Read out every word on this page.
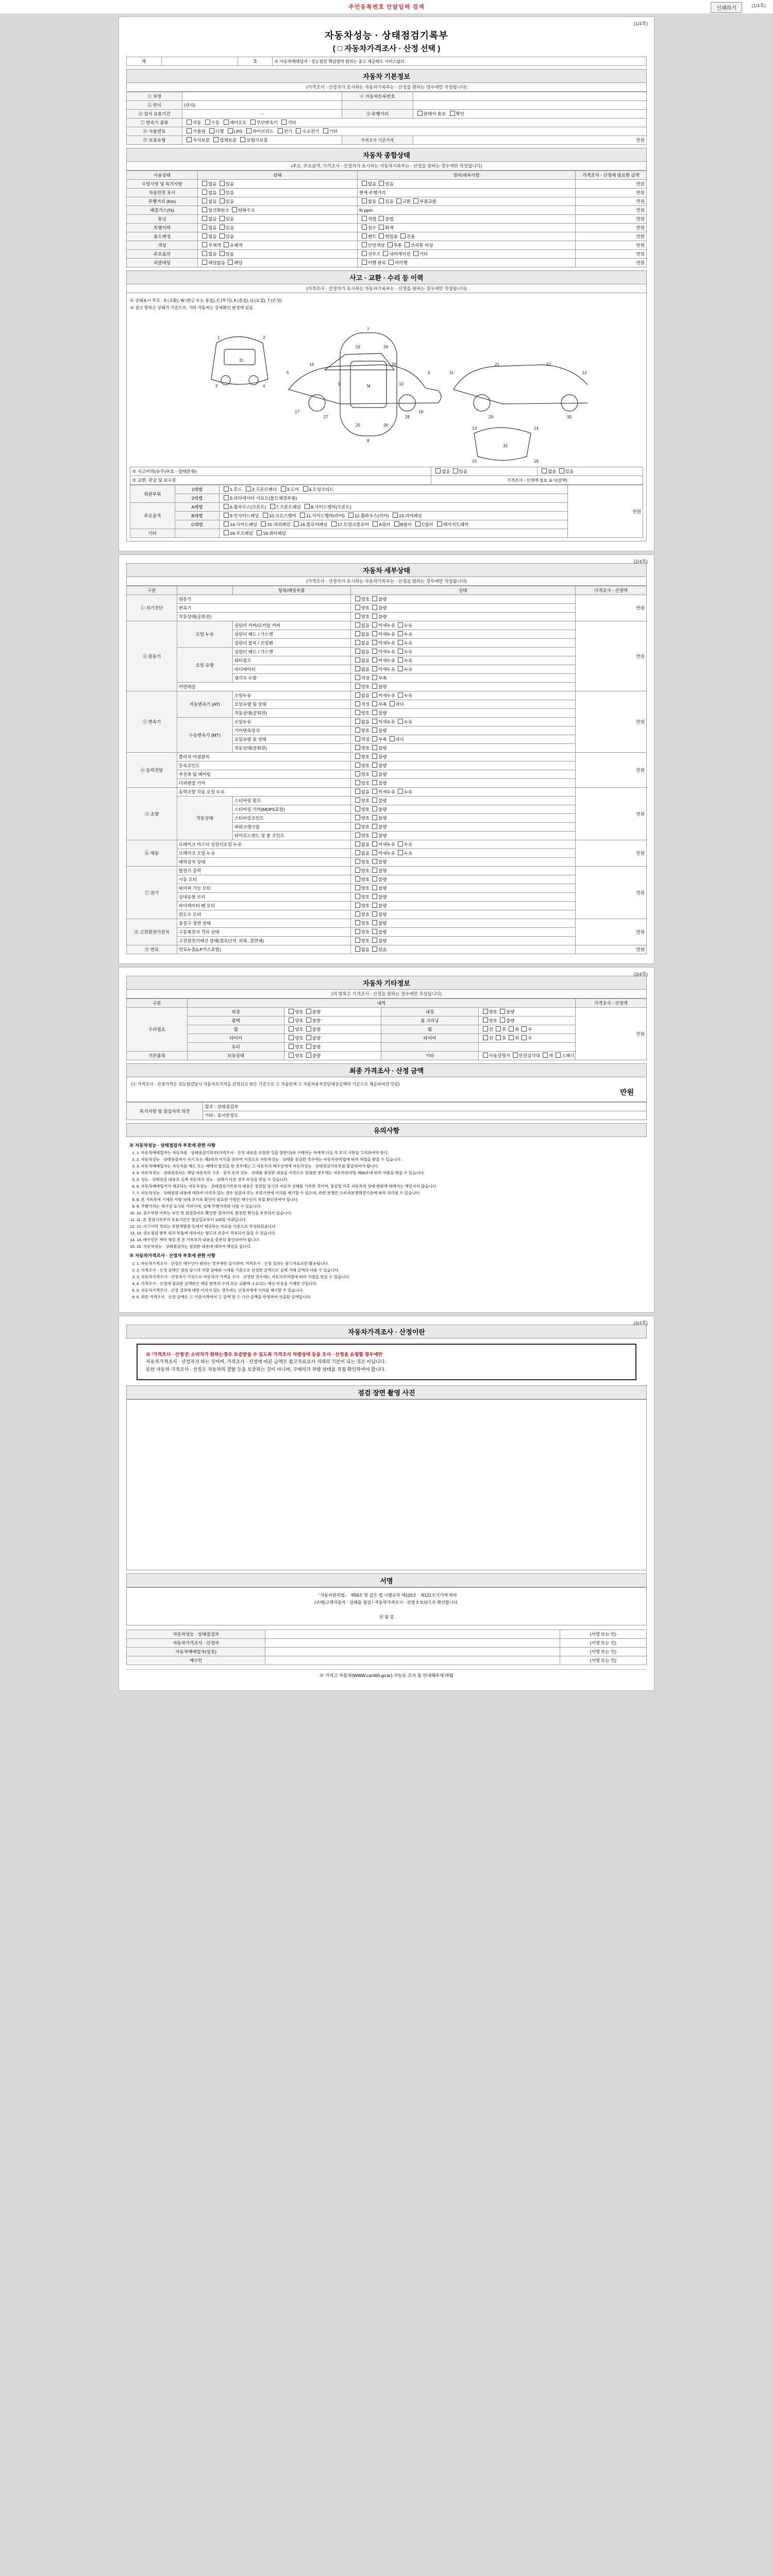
주민등록번호 안앞입력 검색	인쇄하기	(1/4쪽)
(1/4쪽)
자동차성능 · 상태점검기록부
( □ 자동차가격조사 · 산정 선택 )
제		호	※ 자동차매매업자 · 성능점검 책임영역 범위는 중고 제공해도 서비스없다.
자동차 기본정보
(가격조사 · 산정자가 표시하는 자동차기록부는 · 산정을 원하는 경우에만 작성됩니다)
① 차명		④ 자동차등록번호	
② 연식	(년식)		
③ 검사 유효기간	~	⑤ 주행거리	판매자 통보 확인
⑦ 변속기 종류	자동 수동 세미오토 무단변속기 기타		
⑧ 사용연료	가솔린 디젤 LPG 하이브리드 전기 수소전기 기타		
⑨ 보증유형	자차보증 업체보증 보험사보증	가격조사 기준가격	만원
자동차 종합상태
(주요, 주요골격, 가격조사 · 산정자가 표시하는 자동차기록부는 · 산정을 원하는 경우에만 작성됩니다)
사용상태	상태	정비/세부사항	가격조사 · 산정에 필요한 금액
수밀사항 및 특기사항	없음 있음	없음 있음	만원
자동안전 표시	없음 있음	현재 주행거리	만원
주행거리 (Km)	없음 있음	없음 있음 교환 부품교환	만원
배출가스(%)	일산화탄소 탄화수소	% ppm	만원
튜닝	없음 있음	적법 불법	만원
특별이력	없음 있음	침수 화재	만원
용도변경	없음 있음	렌트 영업용 관용	만원
색상	무채색 유채색	단일색상 투톤 쓰리톤 이상	만원
주요옵션	없음 있음	선루프 내비게이션 기타	만원
리콜대상	해당없음 해당	이행 완료 미이행	만원
사고 · 교환 · 수리 등 이력
(가격조사 · 산정자가 표시하는 자동차기록부는 · 산정을 원하는 경우에만 작성됩니다)
※ 상태표시 부호 : X (교환), W (판금 또는 용접), C (부식), A (흠집), U (요철), T (손상)
※ 참고 항목은 상태가 기준으로, 기타 자동차는 상세확인 판정에 있음
1	2
3	4
5	6
7
8
9	10
11	12
13	14
15	16
17	18
19	20	21	22
23	24
25	26
27	28	29	30
31
M
32
※ 사고이력(유무)부호 · 상태분류)	없음 있음	없음 있음
※ 교환, 판금 및 보수분	가격조사 · 산정에 필요 표시(감액)	
외판부위	1레벨	1.후드 2.프론트펜더 3.도어 4.트렁크리드	만원
	2레벨	5.라디에이터 서포트(볼트체결부품)	
주요골격	A레벨	6.휠하우스(프론트) 7.프론트패널 8.사이드멤버(프론트)	
	B레벨	9.인사이드패널 10.크로스멤버 11.사이드멤버(리어) 12.휠하우스(리어) 13.리어패널	
	C레벨	14.사이드패널 15.대쉬패널 16.플로어패널 17.트렁크플로어 A필러 B필러 C필러 패키지트레이	
기타		18.루프패널 19.쿼터패널	
(2/4쪽)
자동차 세부상태
(가격조사 · 산정자가 표시하는 자동차기록부는 · 산정을 원하는 경우에만 작성됩니다)
구분		항목/해당부품	상태	가격조사 · 산정액
① 자기진단	원동기		양호 불량	만원
	변속기		양호 불량	
	작동상태(공회전)		양호 불량	
② 원동기	오일 누유	실린더 커버/로커암 커버	없음 미세누유 누유	만원
		실린더 헤드 / 가스켓	없음 미세누유 누유	
		실린더 블록 / 오일팬	없음 미세누유 누유	
	오일 유량	실린더 헤드 / 가스켓	없음 미세누유 누유	
		워터펌프	없음 미세누유 누유	
		라디에이터	없음 미세누유 누유	
		냉각수 수량	적정 부족	
	커먼레일		양호 불량	
③ 변속기	자동변속기 (AT)	오일누유	없음 미세누유 누유	만원
		오일유량 및 상태	적정 부족 과다	
		작동상태(공회전)	양호 불량	
	수동변속기 (MT)	오일누유	없음 미세누유 누유	
		기어변속장치	양호 불량	
		오일유량 및 상태	적정 부족 과다	
		작동상태(공회전)	양호 불량	
④ 동력전달	클러치 어셈블리		양호 불량	만원
	등속조인트		양호 불량	
	추진축 및 베어링		양호 불량	
	디퍼렌셜 기어		양호 불량	
⑤ 조향	동력조향 작동 오일 누유		없음 미세누유 누유	만원
	작동상태	스티어링 펌프	양호 불량	
		스티어링 기어(MDPS포함)	양호 불량	
		스티어링조인트	양호 불량	
		파워크랭크암	양호 불량	
		타이로드엔드 및 볼 조인트	양호 불량	
⑥ 제동	브레이크 마스터 실린더오일 누유		없음 미세누유 누유	만원
	브레이크 오일 누유		없음 미세누유 누유	
	배력장치 상태		양호 불량	
⑦ 전기	발전기 출력		양호 불량	만원
	시동 모터		양호 불량	
	와이퍼 기능 모터		양호 불량	
	실내송풍 모터		양호 불량	
	라디에이터 팬 모터		양호 불량	
	윈도우 모터		양호 불량	
⑧ 고전원전기장치	충전구 절연 상태		양호 불량	만원
	구동축전지 격리 상태		양호 불량	
	고전원전기배선 상태(접속단자, 피복, 절연체)		양호 불량	
⑨ 연료	연료누출(LP가스포함)		없음 있음	만원
(3/4쪽)
자동차 기타정보
(의 항목은 가격조사 · 산정을 원하는 경우에만 작성됩니다)
구분	내역				가격조사 · 산정액
수리필요	외장	양호 불량	내장	양호 불량	만원
	광택	양호 불량	룸 크리닝	양호 불량	
	휠	양호 불량	휠	전 후 좌 우	
	타이어	양호 불량	타이어	전 후 좌 우	
	유리	양호 불량			
기본품목	보유상태	양호 불량	기타	사용설명서 안전삼각대 잭 스패너	
최종 가격조사 · 산정 금액
(① 가격조사 · 산정가격은 성능점검당시 자동차로가격을 산정신고 받은 기준으로 ② 가솔린에 ③ 자동차용차진단대상금액의 기준으로 제공되어진 것임)
만원
특기사항 및 점검자의 의견	참조 - 상태점검부
기타 - 표시안정도
유의사항
※ 자동차성능 · 상태점검자 부호에 관한 사항
1. 1. 자동차매매업자는 자동차를 · 상태점검기록부(가격조사 · 산정 내용을 포함한 것을 말한다)와 구매하는 자에게 다음 각 호의 사항을 고지하여야 한다.
2. 2. 자동차성능 · 상태점검자가 자기 또는 제3자의 이익을 위하여 거짓으로 자동차성능 · 상태를 점검한 경우에는 자동차관리법에 따라 처벌을 받을 수 있습니다.
3. 3. 자동차매매업자는 자동차를 매도 또는 매매의 알선을 한 경우에는 그 자동차의 매수인에게 자동차성능 · 상태점검기록부를 발급하여야 합니다.
4. 4. 자동차성능 · 상태점검자는 해당 자동차의 구조 · 장치 등의 성능 · 상태를 점검한 내용을 거짓으로 점검한 경우에는 자동차관리법 제80조에 따라 처벌을 받을 수 있습니다.
5. 5. 성능 · 상태점검 내용과 실제 자동차의 성능 · 상태가 다른 경우 보상을 받을 수 있습니다.
6. 6. 자동차매매업자가 제공하는 자동차성능 · 상태점검기록부의 내용은 점검일 당시의 자동차 상태를 기록한 것이며, 점검일 이후 자동차의 상태 변화에 대해서는 책임지지 않습니다.
7. 7. 자동차성능 · 상태점검 내용에 대하여 이의가 있는 경우 점검자 또는 보증기관에 이의를 제기할 수 있으며, 관련 분쟁은 소비자분쟁해결기준에 따라 처리될 수 있습니다.
8. 8. 본 기록부에 기재된 사항 외에 추가로 확인이 필요한 사항은 매수인이 직접 확인하여야 합니다.
9. 9. 주행거리는 계기상 표시된 거리이며, 실제 주행거리와 다를 수 있습니다.
10. 10. 침수차량 여부는 육안 및 점검장비로 확인한 결과이며, 완전한 확인을 보장하지 않습니다.
11. 11. 본 점검기록부의 유효기간은 발급일로부터 120일 이내입니다.
12. 12. 사고이력 정보는 보험개발원 등에서 제공하는 자료를 기준으로 작성되었습니다.
13. 13. 성능점검 항목 외의 부품에 대하여는 별도의 보증이 적용되지 않을 수 있습니다.
14. 14. 매수인은 계약 체결 전 본 기록부의 내용을 충분히 확인하여야 합니다.
15. 15. 자동차성능 · 상태점검자는 점검한 내용에 대하여 책임을 집니다.
※ 자동차가격조사 · 산정자 부호에 관한 사항
1. 1. 자동차가격조사 · 산정은 매수인이 원하는 경우에만 실시하며, 가격조사 · 산정 결과는 참고자료로만 활용됩니다.
2. 2. 가격조사 · 산정 금액은 점검 당시의 차량 상태와 시세를 기준으로 산정한 금액으로 실제 거래 금액과 다를 수 있습니다.
3. 3. 자동차가격조사 · 산정자가 거짓으로 자동차의 가격을 조사 · 산정한 경우에는 자동차관리법에 따라 처벌을 받을 수 있습니다.
4. 4. 가격조사 · 산정에 필요한 금액란은 해당 항목의 수리 또는 교환에 소요되는 예상 비용을 기재한 것입니다.
5. 5. 자동차가격조사 · 산정 결과에 대한 이의가 있는 경우에는 산정자에게 이의를 제기할 수 있습니다.
6. 6. 최종 가격조사 · 산정 금액은 ① 기준가격에서 ② 감액 및 ③ 가산 금액을 반영하여 산출된 금액입니다.
(4/4쪽)
자동차가격조사 · 산정이란
※ '가격조사 · 산정'은 소비자가 원하는경우 보증받을 수 있도록 가격조사 차량상태 등을 조사 · 산정을 요청할 경우에만
자동차가격조사 · 산정자가 하는 것이며, 가격조사 · 산정에 따른 금액은 참고자료로서 거래의 기준이 되는 것은 아닙니다.
또한 자동차 가격조사 · 산정은 자동차의 결함 등을 보증하는 것이 아니며, 구매자가 차량 상태를 직접 확인하여야 합니다.
점검 장면 촬영 사진
서명
「자동차관리법」 제58조 및 같은 법 시행규칙 제120조 · 제121조기기에 따라
(구매)고객자동차 · 상태를 점검 / 자동차가격조사 · 산정 3 보단으로 확인합니다.
년 월 일
자동차성능 · 상태점검자		(서명 또는 인)
자동차가격조사 · 산정자		(서명 또는 인)
자동차매매업자(상호)		(서명 또는 인)
매수인		(서명 또는 인)
※ 가지고 자동차(WWW.car365.go.kr) 가능로 조사 및 안내해주세 바랍
